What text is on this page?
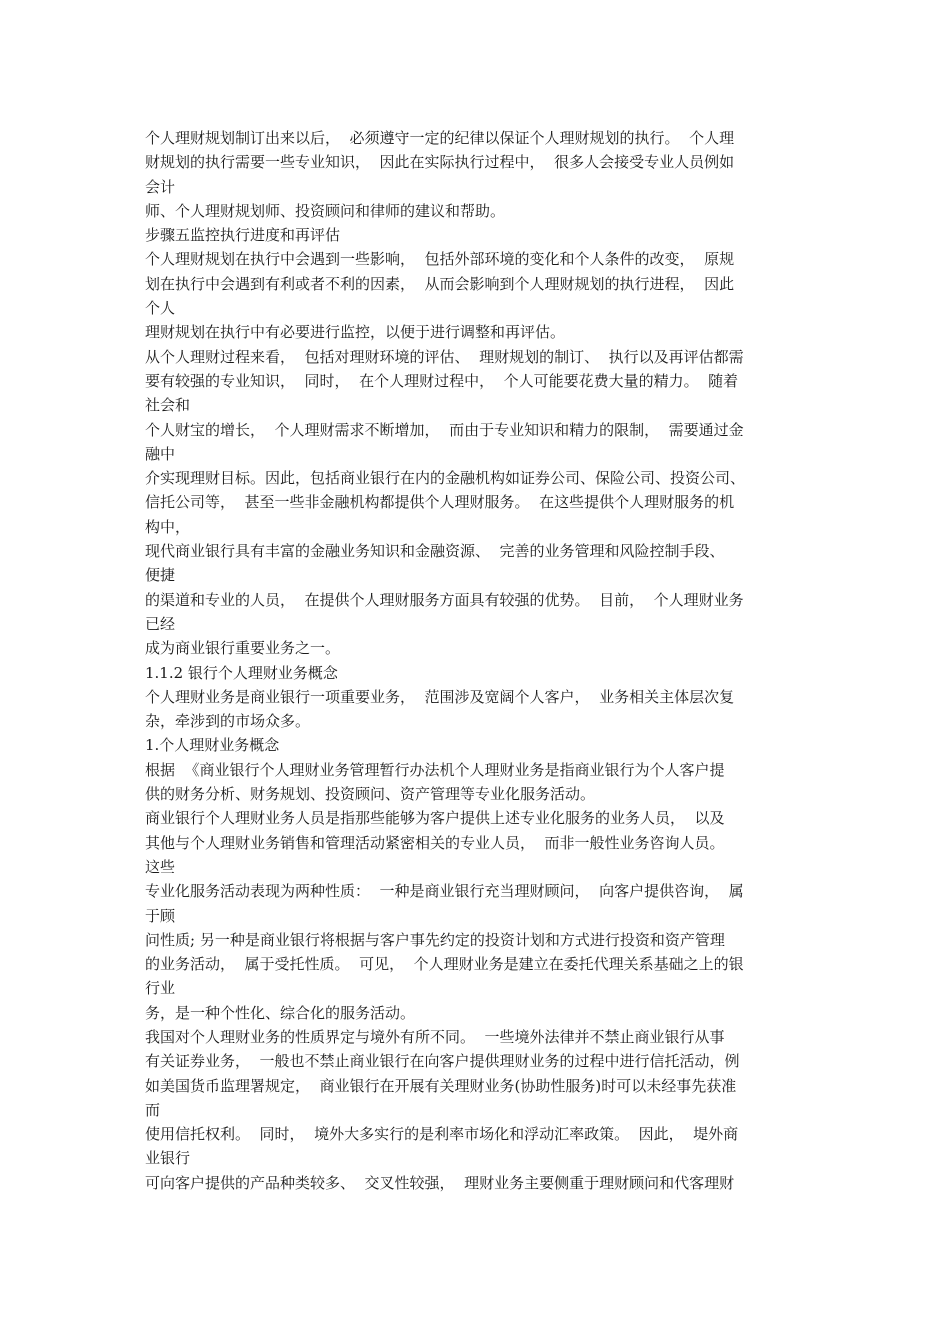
个人理财规划制订出来以后，  必须遵守一定的纪律以保证个人理财规划的执行。  个人理
财规划的执行需要一些专业知识，  因此在实际执行过程中，  很多人会接受专业人员例如
会计
师、个人理财规划师、投资顾问和律师的建议和帮助。
步骤五监控执行进度和再评估
个人理财规划在执行中会遇到一些影响，  包括外部环境的变化和个人条件的改变，  原规
划在执行中会遇到有利或者不利的因素，  从而会影响到个人理财规划的执行进程，  因此
个人
理财规划在执行中有必要进行监控，以便于进行调整和再评估。
从个人理财过程来看，  包括对理财环境的评估、  理财规划的制订、  执行以及再评估都需
要有较强的专业知识，  同时，  在个人理财过程中，  个人可能要花费大量的精力。  随着
社会和
个人财宝的增长，  个人理财需求不断增加，  而由于专业知识和精力的限制，  需要通过金
融中
介实现理财目标。因此，包括商业银行在内的金融机构如证券公司、保险公司、投资公司、
信托公司等，  甚至一些非金融机构都提供个人理财服务。  在这些提供个人理财服务的机
构中，
现代商业银行具有丰富的金融业务知识和金融资源、  完善的业务管理和风险控制手段、
便捷
的渠道和专业的人员，  在提供个人理财服务方面具有较强的优势。  目前，  个人理财业务
已经
成为商业银行重要业务之一。
1.1.2 银行个人理财业务概念
个人理财业务是商业银行一项重要业务，  范围涉及宽阔个人客户，  业务相关主体层次复
杂，牵涉到的市场众多。
1.个人理财业务概念
根据  《商业银行个人理财业务管理暂行办法机个人理财业务是指商业银行为个人客户提
供的财务分析、财务规划、投资顾问、资产管理等专业化服务活动。
商业银行个人理财业务人员是指那些能够为客户提供上述专业化服务的业务人员，  以及
其他与个人理财业务销售和管理活动紧密相关的专业人员，  而非一般性业务咨询人员。
这些
专业化服务活动表现为两种性质：  一种是商业银行充当理财顾问，  向客户提供咨询，  属
于顾
问性质; 另一种是商业银行将根据与客户事先约定的投资计划和方式进行投资和资产管理
的业务活动，  属于受托性质。  可见，  个人理财业务是建立在委托代理关系基础之上的银
行业
务，是一种个性化、综合化的服务活动。
我国对个人理财业务的性质界定与境外有所不同。  一些境外法律并不禁止商业银行从事
有关证券业务，  一般也不禁止商业银行在向客户提供理财业务的过程中进行信托活动，例
如美国货币监理署规定，  商业银行在开展有关理财业务(协助性服务)时可以未经事先获准
而
使用信托权利。  同时，  境外大多实行的是利率市场化和浮动汇率政策。  因此，  堤外商
业银行
可向客户提供的产品种类较多、  交叉性较强，  理财业务主要侧重于理财顾问和代客理财
